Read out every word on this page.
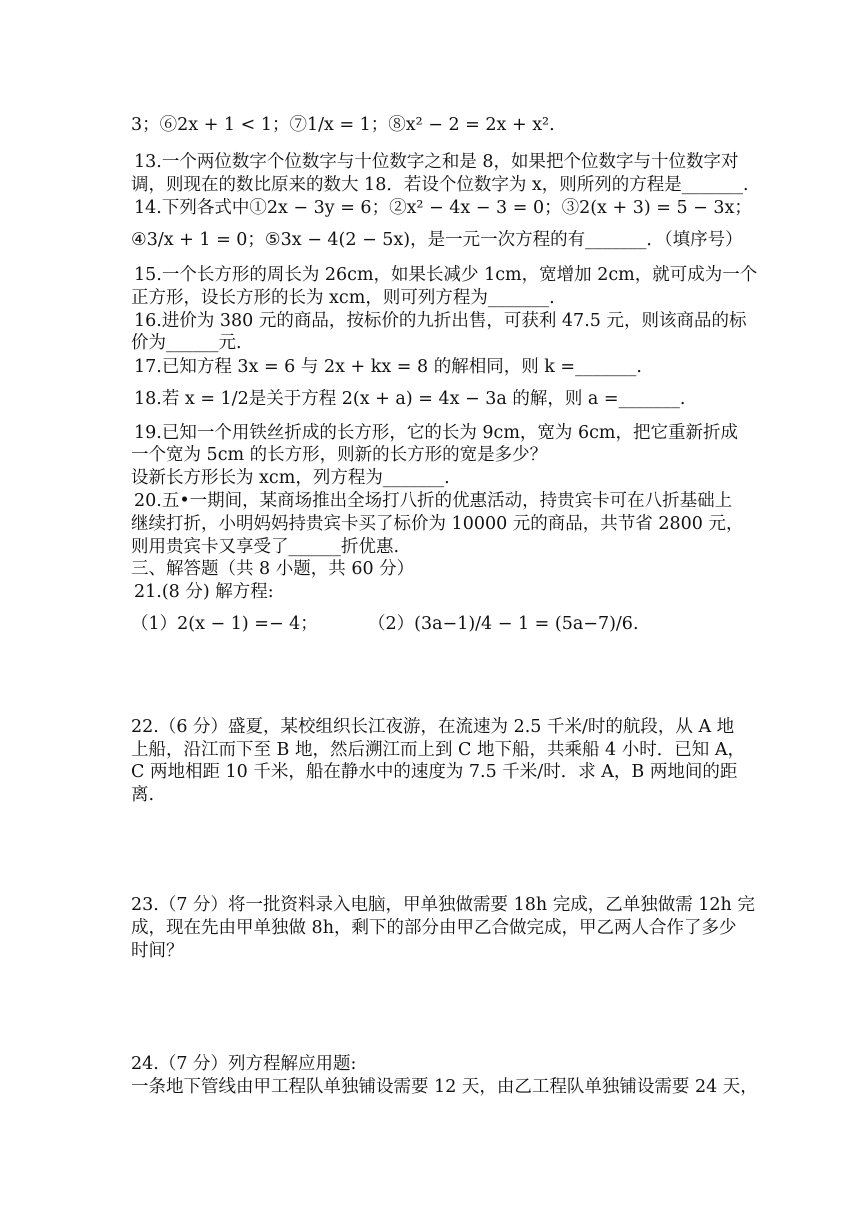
3；⑥2x + 1 < 1；⑦1/x = 1；⑧x² − 2 = 2x + x².
13.一个两位数字个位数字与十位数字之和是 8，如果把个位数字与十位数字对
调，则现在的数比原来的数大 18．若设个位数字为 x，则所列的方程是_______.
14.下列各式中①2x − 3y = 6；②x² − 4x − 3 = 0；③2(x + 3) = 5 − 3x；
④3/x + 1 = 0；⑤3x − 4(2 − 5x)，是一元一次方程的有_______．（填序号）
15.一个长方形的周长为 26cm，如果长减少 1cm，宽增加 2cm，就可成为一个
正方形，设长方形的长为 xcm，则可列方程为_______.
16.进价为 380 元的商品，按标价的九折出售，可获利 47.5 元，则该商品的标
价为______元.
17.已知方程 3x = 6 与 2x + kx = 8 的解相同，则 k =_______.
18.若 x = 1/2是关于方程 2(x + a) = 4x − 3a 的解，则 a =_______.
19.已知一个用铁丝折成的长方形，它的长为 9cm，宽为 6cm，把它重新折成
一个宽为 5cm 的长方形，则新的长方形的宽是多少？
设新长方形长为 xcm，列方程为_______.
20.五•一期间，某商场推出全场打八折的优惠活动，持贵宾卡可在八折基础上
继续打折，小明妈妈持贵宾卡买了标价为 10000 元的商品，共节省 2800 元，
则用贵宾卡又享受了______折优惠.
三、解答题（共 8 小题，共 60 分）
21.(8 分) 解方程:
（1）2(x − 1) =− 4；	（2）(3a−1)/4 − 1 = (5a−7)/6.
22.（6 分）盛夏，某校组织长江夜游，在流速为 2.5 千米/时的航段，从 A 地
上船，沿江而下至 B 地，然后溯江而上到 C 地下船，共乘船 4 小时．已知 A，
C 两地相距 10 千米，船在静水中的速度为 7.5 千米/时．求 A，B 两地间的距
离.
23.（7 分）将一批资料录入电脑，甲单独做需要 18h 完成，乙单独做需 12h 完
成，现在先由甲单独做 8h，剩下的部分由甲乙合做完成，甲乙两人合作了多少
时间？
24.（7 分）列方程解应用题:
一条地下管线由甲工程队单独铺设需要 12 天，由乙工程队单独铺设需要 24 天，
